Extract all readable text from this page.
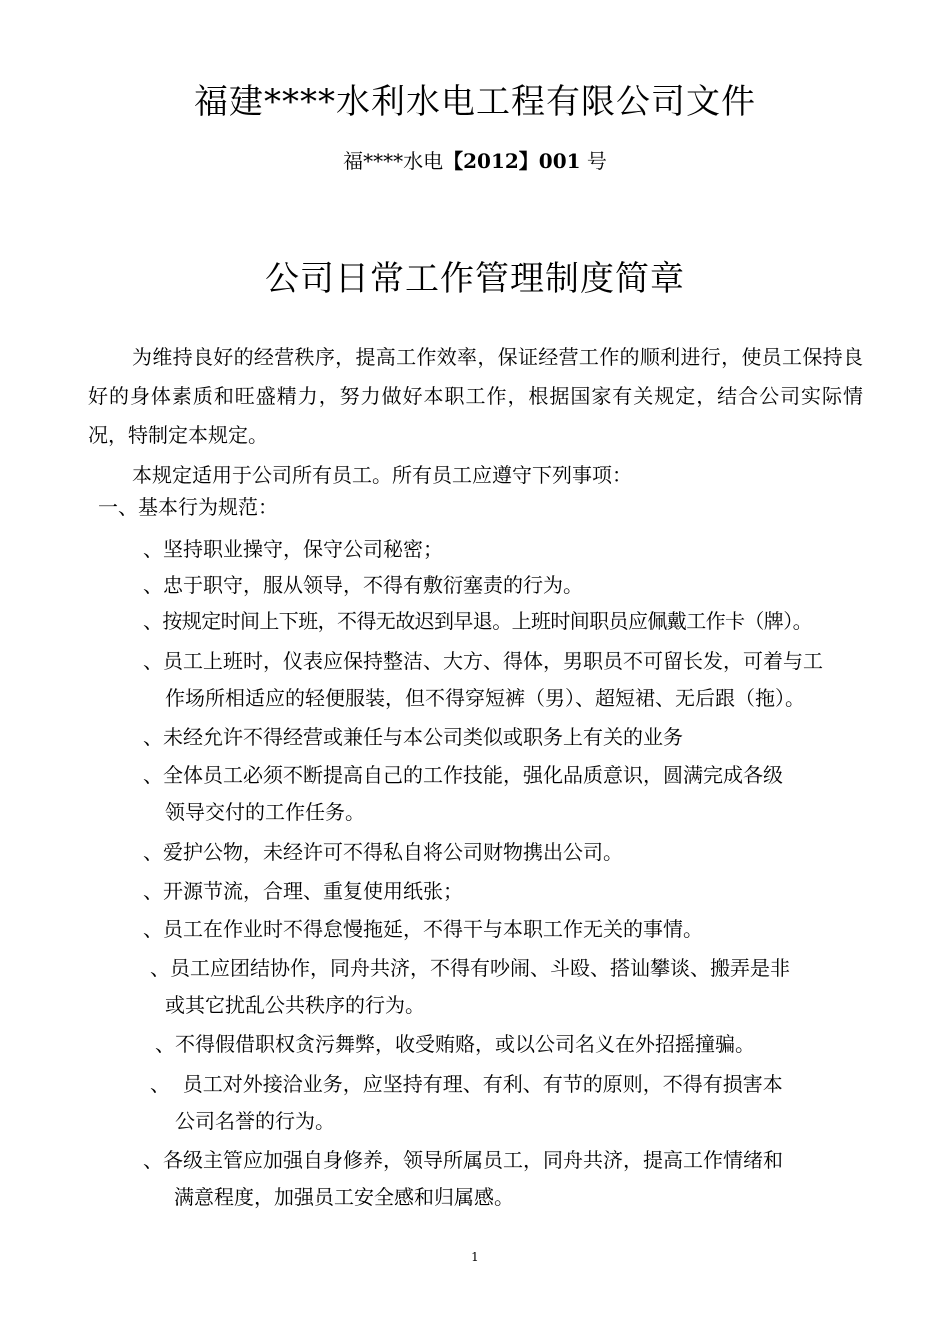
福建****水利水电工程有限公司文件
福****水电【2012】001 号
公司日常工作管理制度简章
为维持良好的经营秩序，提高工作效率，保证经营工作的顺利进行，使员工保持良好的身体素质和旺盛精力，努力做好本职工作，根据国家有关规定，结合公司实际情况，特制定本规定。
本规定适用于公司所有员工。所有员工应遵守下列事项：
一、基本行为规范：
、坚持职业操守，保守公司秘密；
、忠于职守，服从领导，不得有敷衍塞责的行为。
、按规定时间上下班，不得无故迟到早退。上班时间职员应佩戴工作卡（牌）。
、员工上班时，仪表应保持整洁、大方、得体，男职员不可留长发，可着与工
作场所相适应的轻便服装，但不得穿短裤（男）、超短裙、无后跟（拖）。
、未经允许不得经营或兼任与本公司类似或职务上有关的业务
、全体员工必须不断提高自己的工作技能，强化品质意识，圆满完成各级
领导交付的工作任务。
、爱护公物，未经许可不得私自将公司财物携出公司。
、开源节流，合理、重复使用纸张；
、员工在作业时不得怠慢拖延，不得干与本职工作无关的事情。
、员工应团结协作，同舟共济，不得有吵闹、斗殴、搭讪攀谈、搬弄是非
或其它扰乱公共秩序的行为。
、不得假借职权贪污舞弊，收受贿赂，或以公司名义在外招摇撞骗。
、  员工对外接洽业务，应坚持有理、有利、有节的原则，不得有损害本
公司名誉的行为。
、各级主管应加强自身修养，领导所属员工，同舟共济，提高工作情绪和
满意程度，加强员工安全感和归属感。
1
